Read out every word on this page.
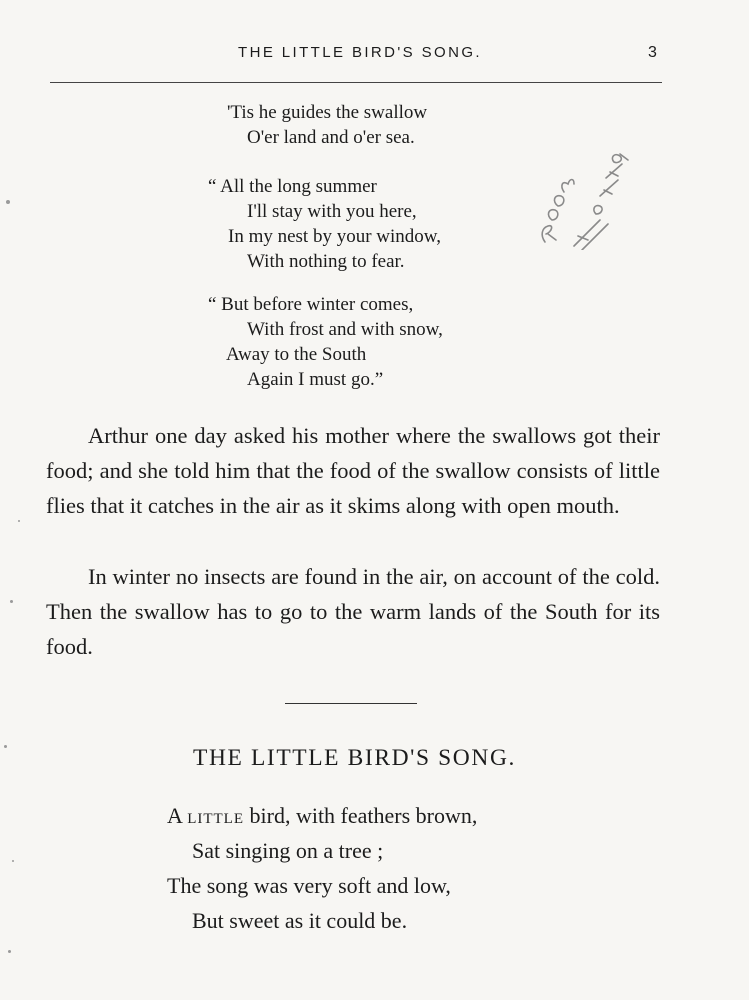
THE LITTLE BIRD'S SONG.	3
'Tis he guides the swallow
O'er land and o'er sea.
“ All the long summer
I'll stay with you here,
In my nest by your window,
With nothing to fear.
“ But before winter comes,
With frost and with snow,
Away to the South
Again I must go.”

Arthur one day asked his mother where the swallows got their food; and she told him that the food of the swallow consists of little flies that it catches in the air as it skims along with open mouth.

In winter no insects are found in the air, on account of the cold. Then the swallow has to go to the warm lands of the South for its food.

THE LITTLE BIRD'S SONG.
A little bird, with feathers brown,
Sat singing on a tree ;
The song was very soft and low,
But sweet as it could be.
